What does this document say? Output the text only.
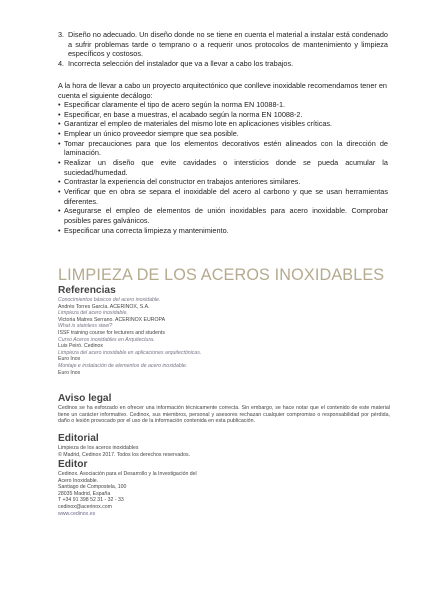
3. Diseño no adecuado. Un diseño donde no se tiene en cuenta el material a instalar está condenado a sufrir problemas tarde o temprano o a requerir unos protocolos de mantenimiento y limpieza específicos y costosos.
4. Incorrecta selección del instalador que va a llevar a cabo los trabajos.

A la hora de llevar a cabo un proyecto arquitectónico que conlleve inoxidable recomendamos tener en cuenta el siguiente decálogo:

• Especificar claramente el tipo de acero según la norma EN 10088-1.
• Especificar, en base a muestras, el acabado según la norma EN 10088-2.
• Garantizar el empleo de materiales del mismo lote en aplicaciones visibles críticas.
• Emplear un único proveedor siempre que sea posible.
• Tomar precauciones para que los elementos decorativos estén alineados con la dirección de laminación.
• Realizar un diseño que evite cavidades o intersticios donde se pueda acumular la suciedad/humedad.
• Contrastar la experiencia del constructor en trabajos anteriores similares.
• Verificar que en obra se separa el inoxidable del acero al carbono y que se usan herramientas diferentes.
• Asegurarse el empleo de elementos de unión inoxidables para acero inoxidable. Comprobar posibles pares galvánicos.
• Especificar una correcta limpieza y mantenimiento.
LIMPIEZA DE LOS ACEROS INOXIDABLES
Referencias
Conocimientos básicos del acero inoxidable.
Andrés Torres García. ACERINOX, S.A.
Limpieza del acero inoxidable.
Victoria Matres Serrano. ACERINOX EUROPA
What is stainless steel?
ISSF training course for lecturers and students
Curso Aceros inoxidables en Arquitectura.
Luis Peiró. Cedinox
Limpieza del acero inoxidable en aplicaciones arquitectónicas.
Euro Inox
Montaje e instalación de elementos de acero inoxidable.
Euro Inox
Aviso legal
Cedinox se ha esforzado en ofrecer una información técnicamente correcta. Sin embargo, se hace notar que el contenido de este material tiene un carácter informativo. Cedinox, sus miembros, personal y asesores rechazan cualquier compromiso o responsabilidad por pérdida, daño o lesión provocado por el uso de la información contenida en esta publicación.
Editorial
Limpieza de los aceros inoxidables
© Madrid, Cedinox 2017. Todos los derechos reservados.
Editor
Cedinox. Asociación para el Desarrollo y la Investigación del
Acero Inoxidable.
Santiago de Compostela, 100
28035 Madrid, España
T +34 91 398 52 31 - 32 - 33
cedinox@acerinox.com
www.cedinox.es
